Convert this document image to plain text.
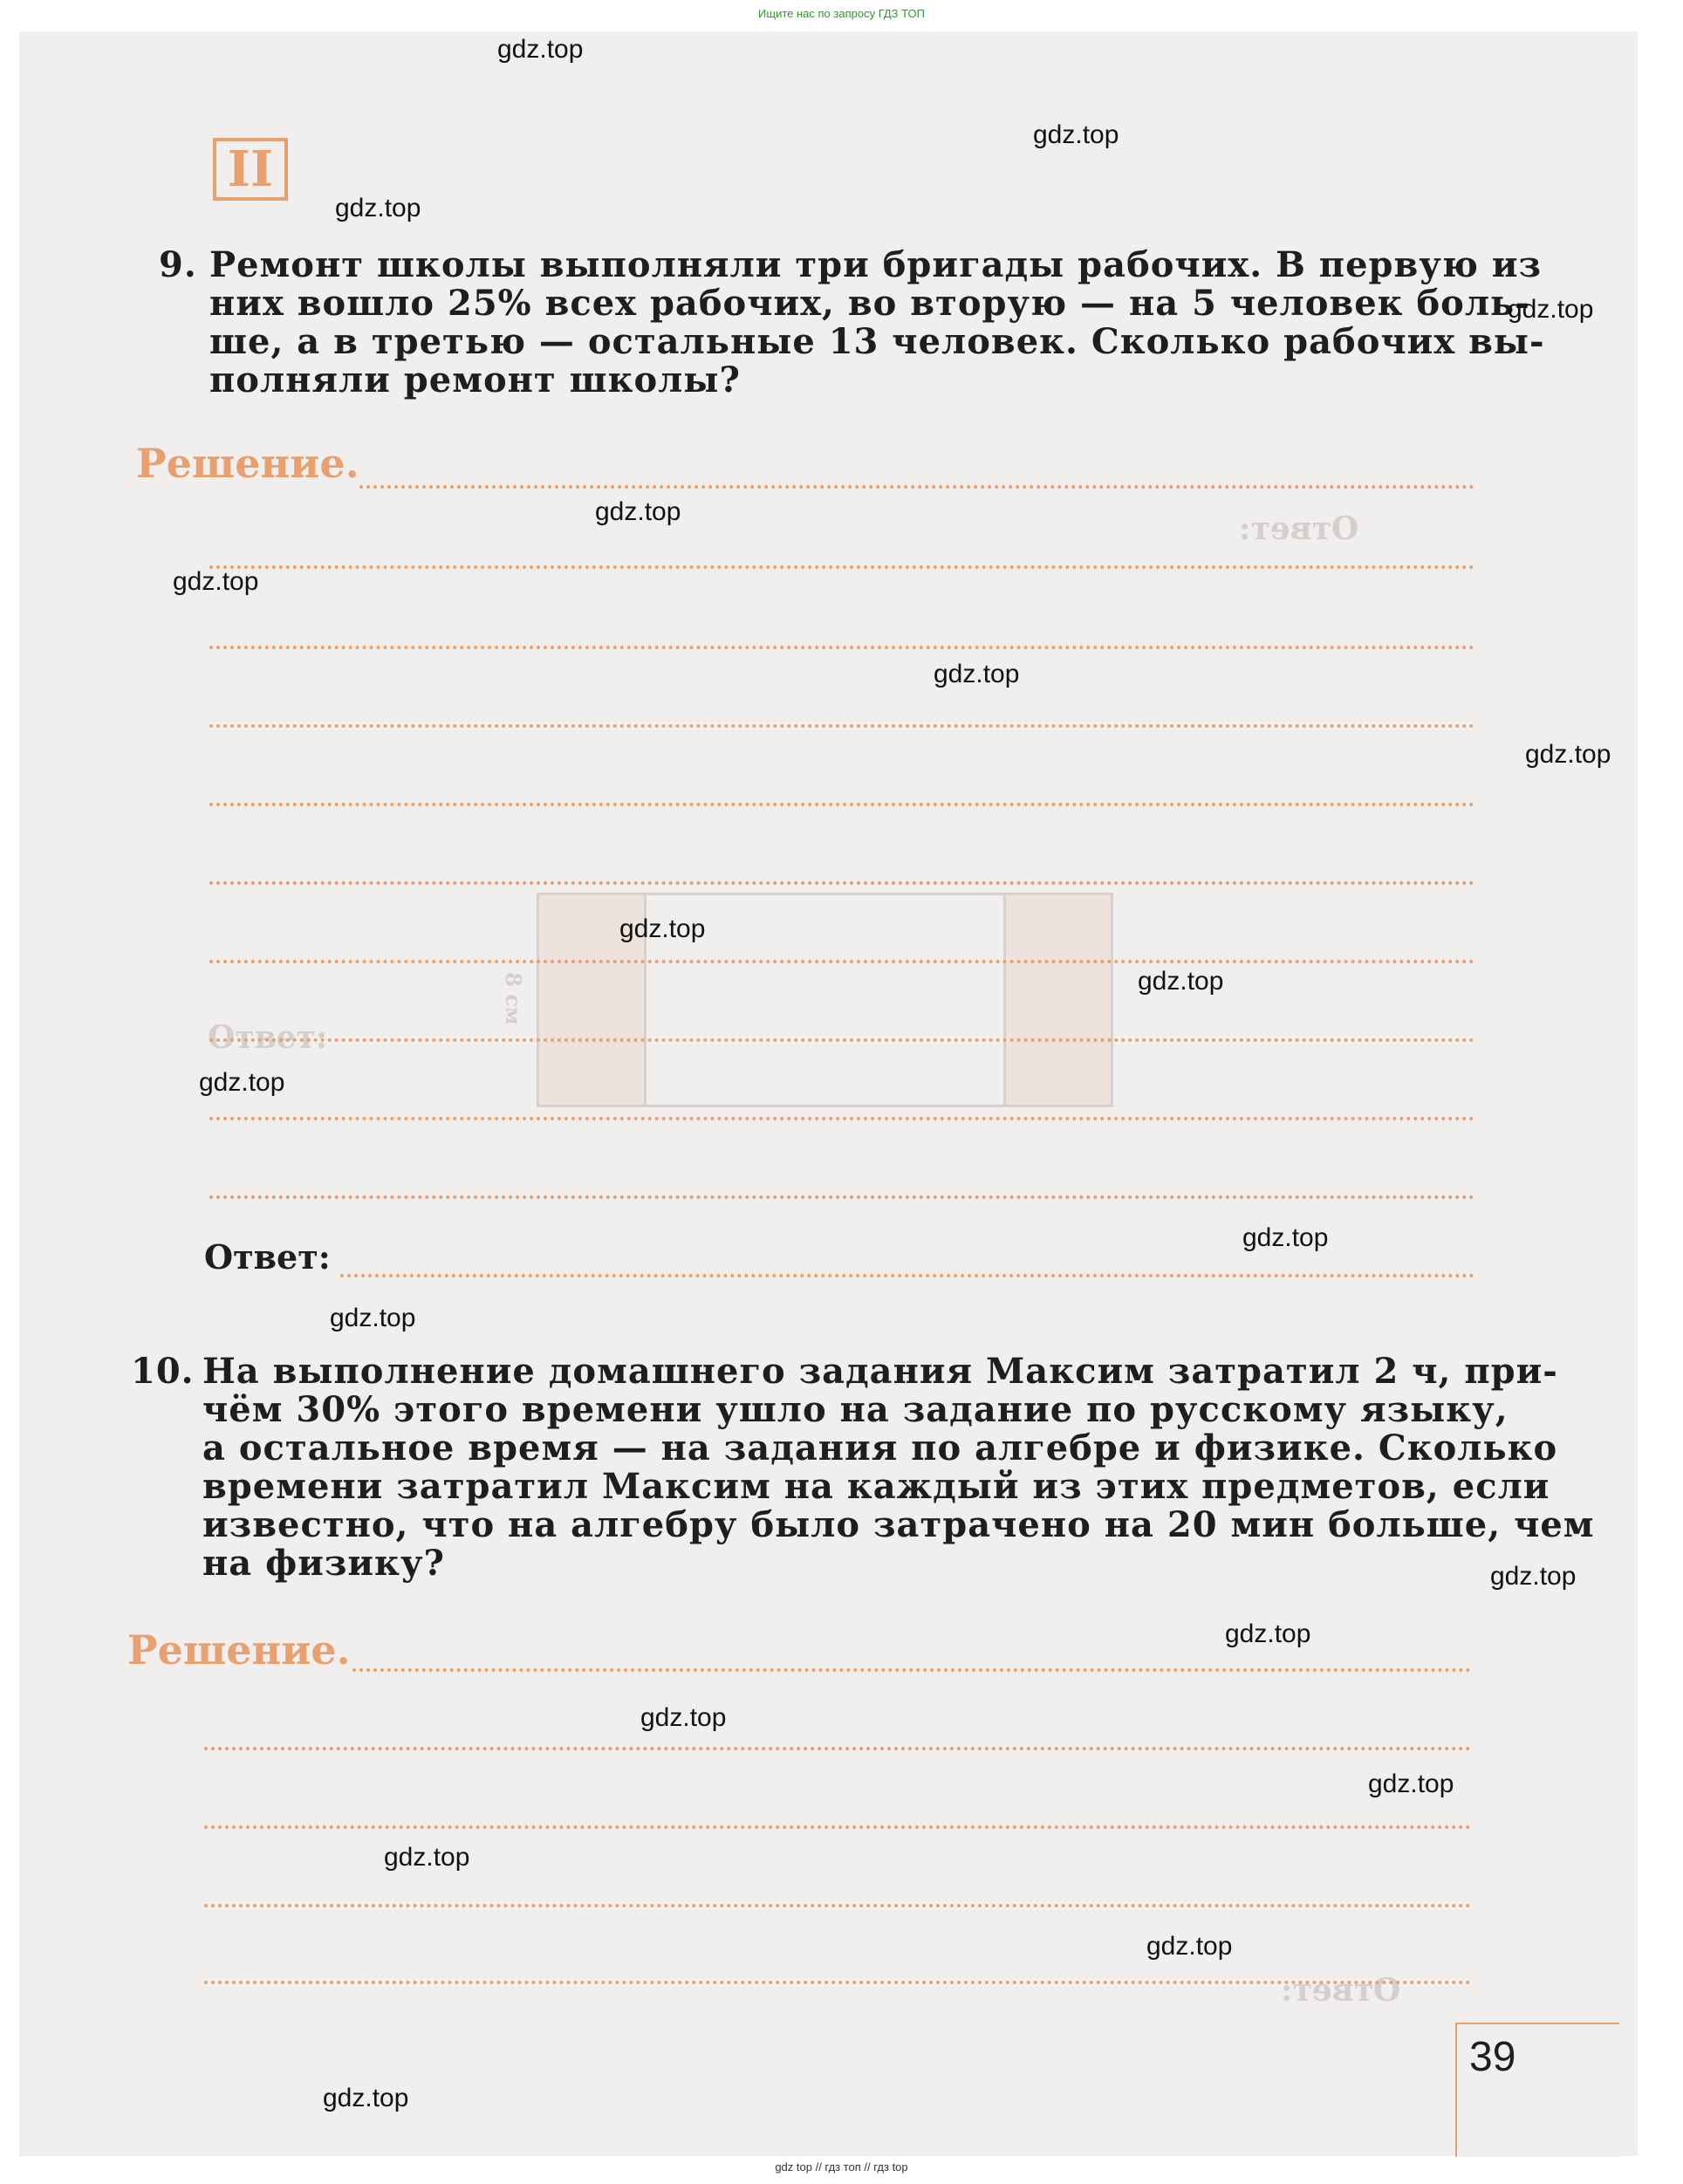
Ищите нас по запросу ГДЗ ТОП
Ответ:
Ответ:
Ответ:
8 см
II
9. Ремонт школы выполняли три бригады рабочих. В первую из
них вошло 25% всех рабочих, во вторую — на 5 человек боль-
ше, а в третью — остальные 13 человек. Сколько рабочих вы-
полняли ремонт школы?
Решение.
Ответ:
10. На выполнение домашнего задания Максим затратил 2 ч, при-
чём 30% этого времени ушло на задание по русскому языку,
а остальное время — на задания по алгебре и физике. Сколько
времени затратил Максим на каждый из этих предметов, если
известно, что на алгебру было затрачено на 20 мин больше, чем
на физику?
Решение.
39
gdz.top
gdz.top
gdz.top
gdz.top
gdz.top
gdz.top
gdz.top
gdz.top
gdz.top
gdz.top
gdz.top
gdz.top
gdz.top
gdz.top
gdz.top
gdz.top
gdz.top
gdz.top
gdz.top
gdz.top
gdz top // гдз топ // гдз top
